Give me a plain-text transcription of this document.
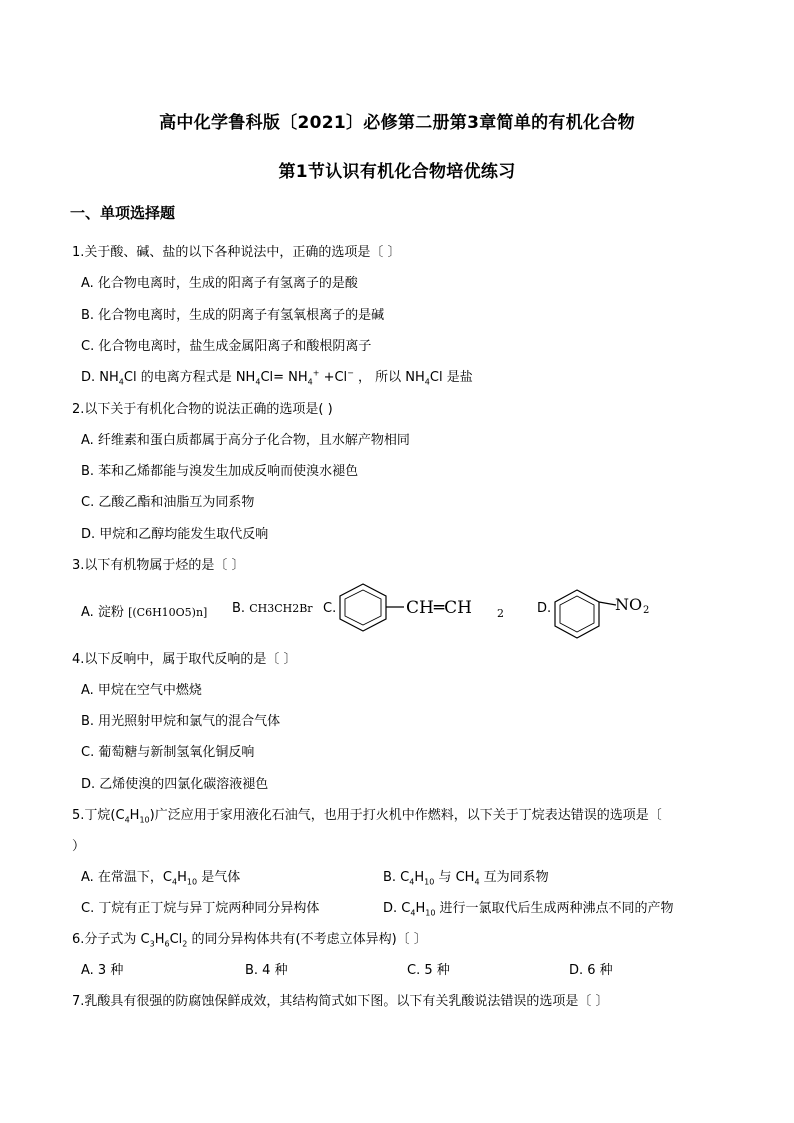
高中化学鲁科版〔2021〕必修第二册第3章简单的有机化合物
第1节认识有机化合物培优练习
一、单项选择题
1.关于酸、碱、盐的以下各种说法中，正确的选项是〔 〕
A. 化合物电离时，生成的阳离子有氢离子的是酸
B. 化合物电离时，生成的阴离子有氢氧根离子的是碱
C. 化合物电离时，盐生成金属阳离子和酸根阴离子
D. $NH_4Cl$ 的电离方程式是 $NH_4Cl= NH_4^+ +Cl^-$ ， 所以 $NH_4Cl$ 是盐
2.以下关于有机化合物的说法正确的选项是( )
A. 纤维素和蛋白质都属于高分子化合物，且水解产物相同
B. 苯和乙烯都能与溴发生加成反响而使溴水褪色
C. 乙酸乙酯和油脂互为同系物
D. 甲烷和乙醇均能发生取代反响
3.以下有机物属于烃的是〔 〕
A. 淀粉 [(C6H10O5)n] B. CH3CH2Br C.	CH═CH 2	D.	NO 2
4.以下反响中，属于取代反响的是〔 〕
A. 甲烷在空气中燃烧
B. 用光照射甲烷和氯气的混合气体
C. 葡萄糖与新制氢氧化铜反响
D. 乙烯使溴的四氯化碳溶液褪色
5.丁烷$(C_4H_{10})$广泛应用于家用液化石油气，也用于打火机中作燃料，以下关于丁烷表达错误的选项是〔
）
A. 在常温下，$C_4H_{10}$ 是气体	B. $C_4H_{10}$ 与 $CH_4$ 互为同系物
C. 丁烷有正丁烷与异丁烷两种同分异构体	D. $C_4H_{10}$ 进行一氯取代后生成两种沸点不同的产物
6.分子式为 $C_3H_6Cl_2$ 的同分异构体共有(不考虑立体异构)〔 〕
A. 3 种	B. 4 种	C. 5 种	D. 6 种
7.乳酸具有很强的防腐蚀保鲜成效，其结构简式如下图。以下有关乳酸说法错误的选项是〔 〕
